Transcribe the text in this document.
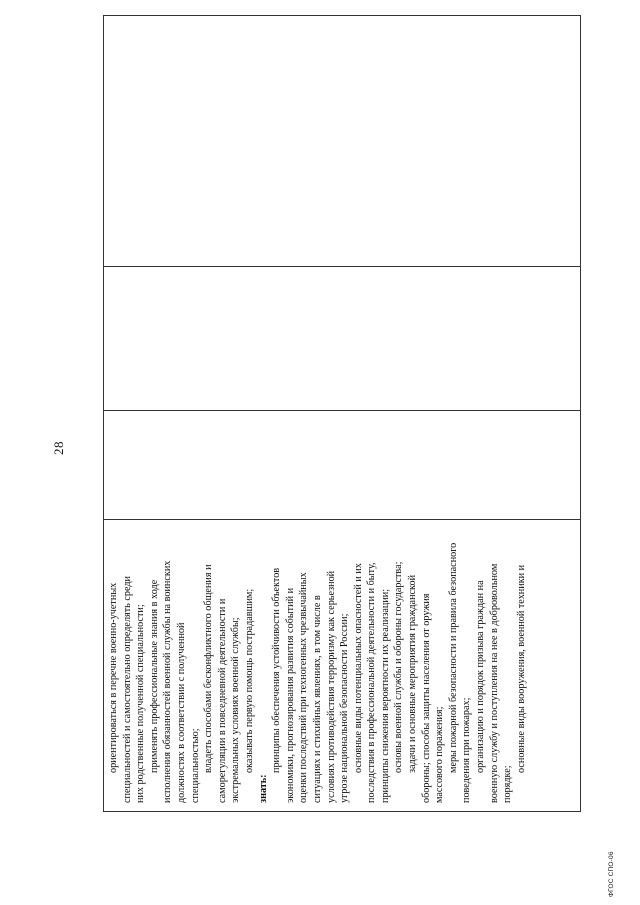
28
ориентироваться в перечне военно-учетных специальностей и самостоятельно определять среди них родственные полученной специальности; применять профессиональные знания в ходе исполнения обязанностей военной службы на воинских должностях в соответствии с полученной специальностью; владеть способами бесконфликтного общения и саморегуляции в повседневной деятельности и экстремальных условиях военной службы; оказывать первую помощь пострадавшим;
знать:
принципы обеспечения устойчивости объектов экономики, прогнозирования развития событий и оценки последствий при техногенных чрезвычайных ситуациях и стихийных явлениях, в том числе в условиях противодействия терроризму как серьезной угрозе национальной безопасности России; основные виды потенциальных опасностей и их последствия в профессиональной деятельности и быту, принципы снижения вероятности их реализации; основы военной службы и обороны государства; задачи и основные мероприятия гражданской обороны; способы защиты населения от оружия массового поражения; меры пожарной безопасности и правила безопасного поведения при пожарах; организацию и порядок призыва граждан на военную службу и поступления на нее в добровольном порядке;
основные виды вооружения, военной техники и

ФГОС СПО-06
